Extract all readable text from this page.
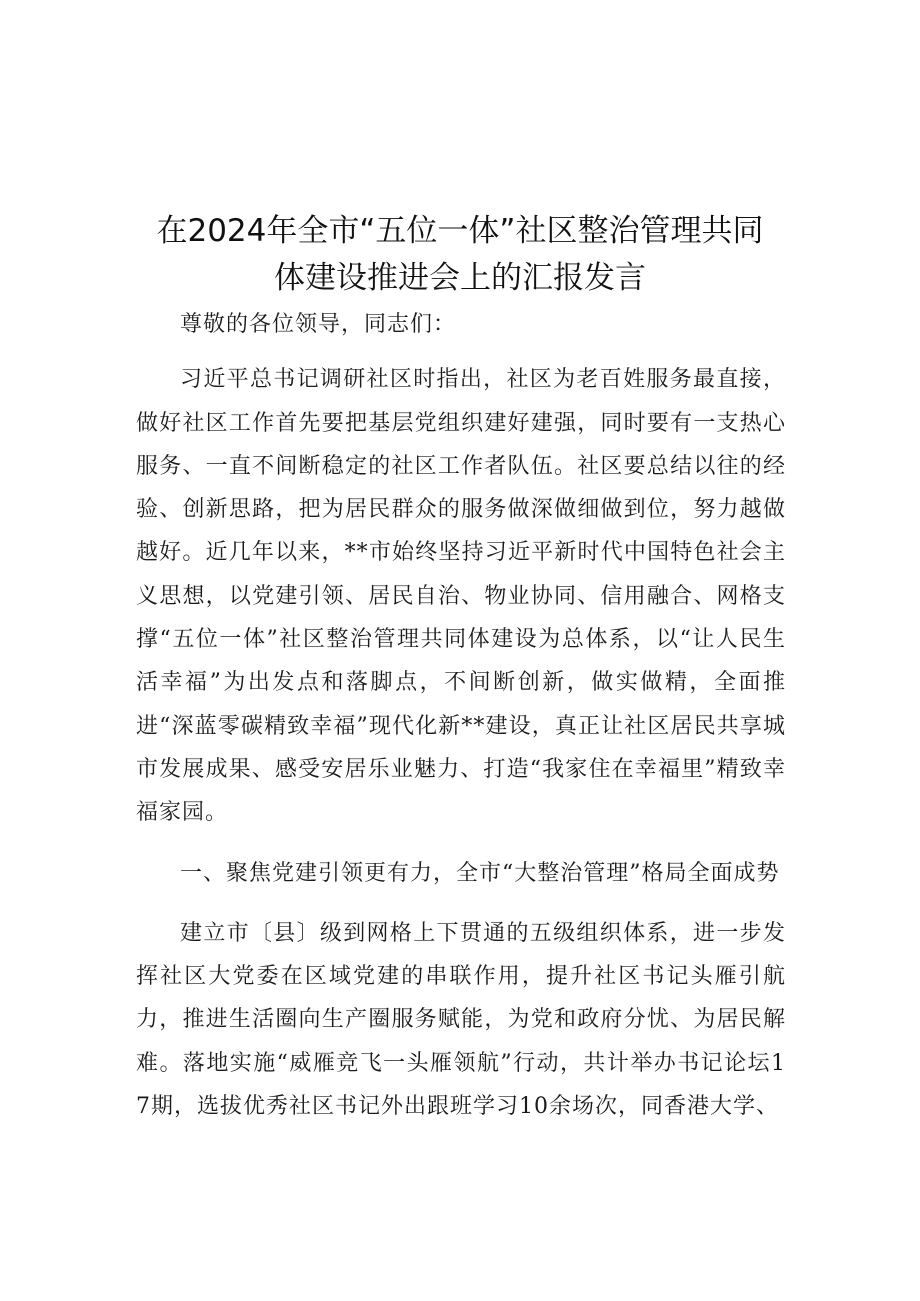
在2024年全市“五位一体”社区整治管理共同
体建设推进会上的汇报发言

尊敬的各位领导，同志们：

习近平总书记调研社区时指出，社区为老百姓服务最直接，做好社区工作首先要把基层党组织建好建强，同时要有一支热心服务、一直不间断稳定的社区工作者队伍。社区要总结以往的经验、创新思路，把为居民群众的服务做深做细做到位，努力越做越好。近几年以来，**市始终坚持习近平新时代中国特色社会主义思想，以党建引领、居民自治、物业协同、信用融合、网格支撑“五位一体”社区整治管理共同体建设为总体系，以“让人民生活幸福”为出发点和落脚点，不间断创新，做实做精，全面推进“深蓝零碳精致幸福”现代化新**建设，真正让社区居民共享城市发展成果、感受安居乐业魅力、打造“我家住在幸福里”精致幸福家园。

一、聚焦党建引领更有力，全市“大整治管理”格局全面成势

建立市〔县〕级到网格上下贯通的五级组织体系，进一步发挥社区大党委在区域党建的串联作用，提升社区书记头雁引航力，推进生活圈向生产圈服务赋能，为党和政府分忧、为居民解难。落地实施“威雁竞飞一头雁领航”行动，共计举办书记论坛17期，选拔优秀社区书记外出跟班学习10余场次，同香港大学、
